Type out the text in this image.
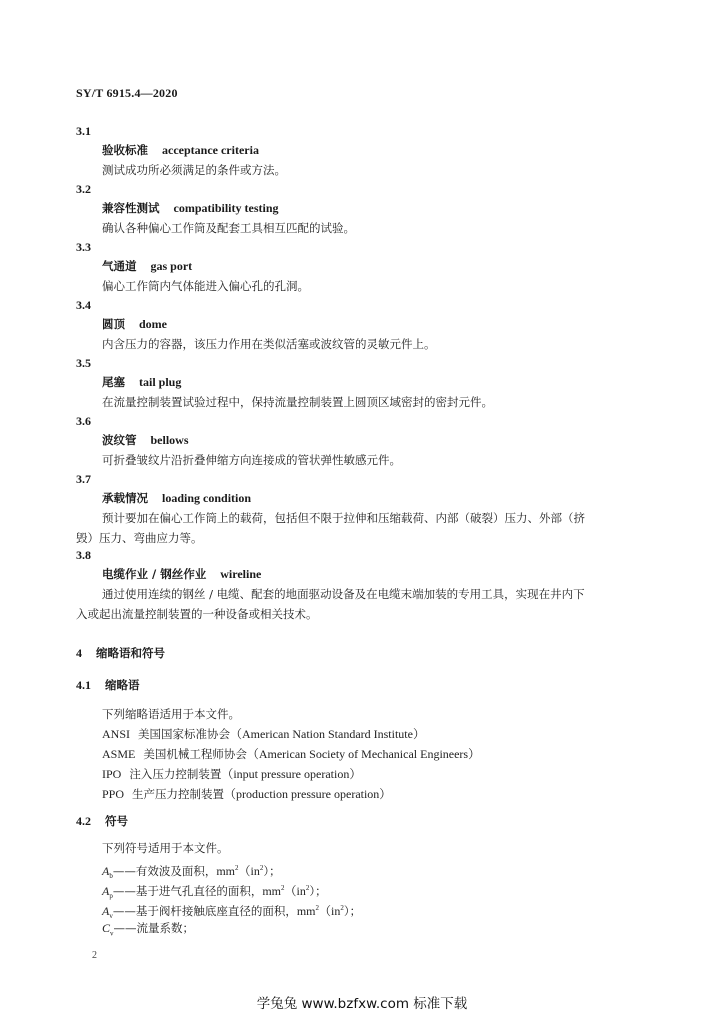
SY/T 6915.4—2020
3.1
验收标准 acceptance criteria
测试成功所必须满足的条件或方法。
3.2
兼容性测试 compatibility testing
确认各种偏心工作筒及配套工具相互匹配的试验。
3.3
气通道 gas port
偏心工作筒内气体能进入偏心孔的孔洞。
3.4
圆顶 dome
内含压力的容器，该压力作用在类似活塞或波纹管的灵敏元件上。
3.5
尾塞 tail plug
在流量控制装置试验过程中，保持流量控制装置上圆顶区域密封的密封元件。
3.6
波纹管 bellows
可折叠皱纹片沿折叠伸缩方向连接成的管状弹性敏感元件。
3.7
承载情况 loading condition
预计要加在偏心工作筒上的载荷，包括但不限于拉伸和压缩载荷、内部（破裂）压力、外部（挤
毁）压力、弯曲应力等。
3.8
电缆作业 / 钢丝作业 wireline
通过使用连续的钢丝 / 电缆、配套的地面驱动设备及在电缆末端加装的专用工具，实现在井内下
入或起出流量控制装置的一种设备或相关技术。
4 缩略语和符号
4.1 缩略语
下列缩略语适用于本文件。
ANSI 美国国家标准协会（American Nation Standard Institute）
ASME 美国机械工程师协会（American Society of Mechanical Engineers）
IPO 注入压力控制装置（input pressure operation）
PPO 生产压力控制装置（production pressure operation）
4.2 符号
下列符号适用于本文件。
$A_b——$有效波及面积，$mm^2(in^2)$；
$A_p——$基于进气孔直径的面积，$mm^2(in^2)$；
$A_v——$基于阀杆接触底座直径的面积，$mm^2(in^2)$；
$C_v——$流量系数；
2
学兔兔 www.bzfxw.com 标准下载
